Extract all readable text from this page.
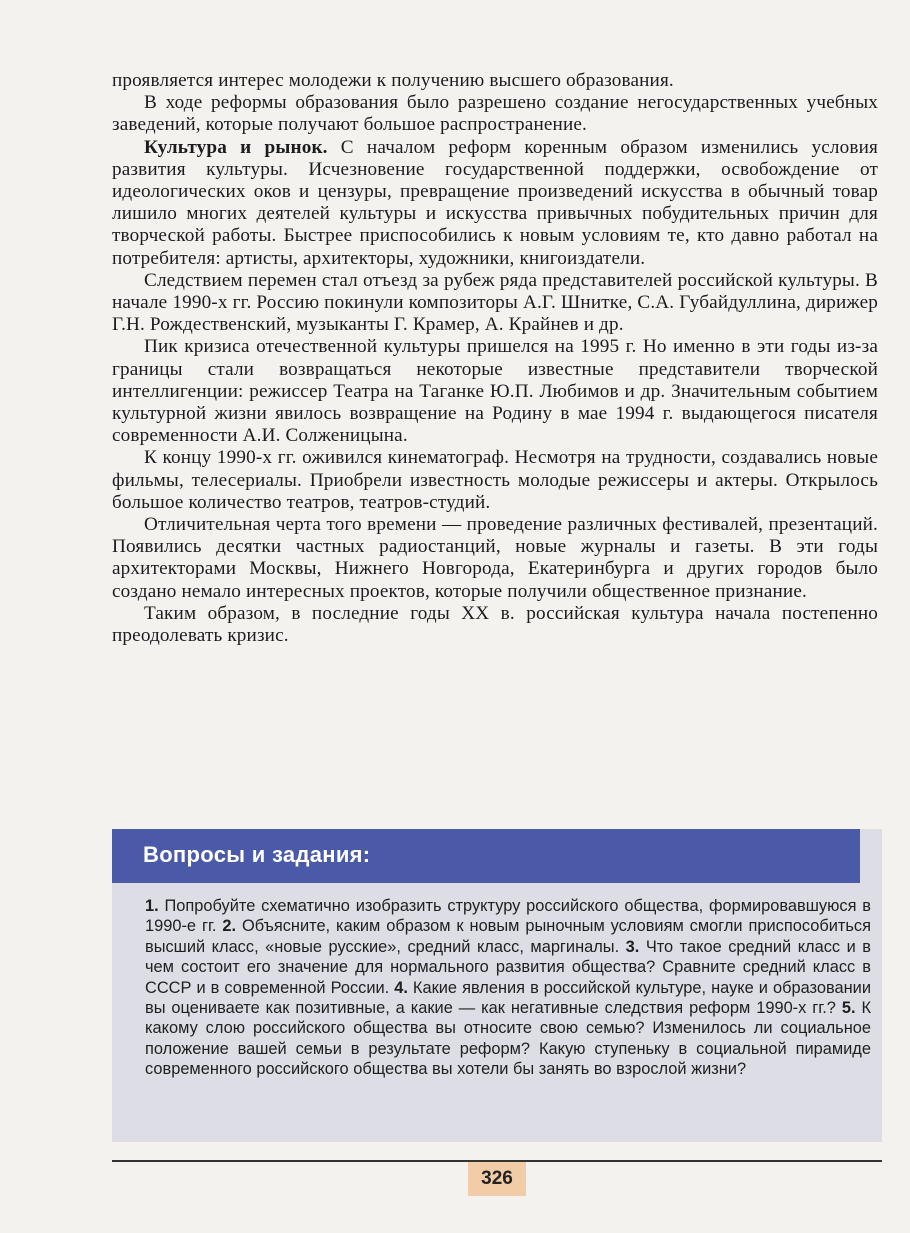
проявляется интерес молодежи к получению высшего образования.

В ходе реформы образования было разрешено создание негосударственных учебных заведений, которые получают большое распространение.

Культура и рынок. С началом реформ коренным образом изменились условия развития культуры. Исчезновение государственной поддержки, освобождение от идеологических оков и цензуры, превращение произведений искусства в обычный товар лишило многих деятелей культуры и искусства привычных побудительных причин для творческой работы. Быстрее приспособились к новым условиям те, кто давно работал на потребителя: артисты, архитекторы, художники, книгоиздатели.

Следствием перемен стал отъезд за рубеж ряда представителей российской культуры. В начале 1990-х гг. Россию покинули композиторы А.Г. Шнитке, С.А. Губайдуллина, дирижер Г.Н. Рождественский, музыканты Г. Крамер, А. Крайнев и др.

Пик кризиса отечественной культуры пришелся на 1995 г. Но именно в эти годы из-за границы стали возвращаться некоторые известные представители творческой интеллигенции: режиссер Театра на Таганке Ю.П. Любимов и др. Значительным событием культурной жизни явилось возвращение на Родину в мае 1994 г. выдающегося писателя современности А.И. Солженицына.

К концу 1990-х гг. оживился кинематограф. Несмотря на трудности, создавались новые фильмы, телесериалы. Приобрели известность молодые режиссеры и актеры. Открылось большое количество театров, театров-студий.

Отличительная черта того времени — проведение различных фестивалей, презентаций. Появились десятки частных радиостанций, новые журналы и газеты. В эти годы архитекторами Москвы, Нижнего Новгорода, Екатеринбурга и других городов было создано немало интересных проектов, которые получили общественное признание.

Таким образом, в последние годы XX в. российская культура начала постепенно преодолевать кризис.

Вопросы и задания:
1. Попробуйте схематично изобразить структуру российского общества, формировавшуюся в 1990-е гг. 2. Объясните, каким образом к новым рыночным условиям смогли приспособиться высший класс, «новые русские», средний класс, маргиналы. 3. Что такое средний класс и в чем состоит его значение для нормального развития общества? Сравните средний класс в СССР и в современной России. 4. Какие явления в российской культуре, науке и образовании вы оцениваете как позитивные, а какие — как негативные следствия реформ 1990-х гг.? 5. К какому слою российского общества вы относите свою семью? Изменилось ли социальное положение вашей семьи в результате реформ? Какую ступеньку в социальной пирамиде современного российского общества вы хотели бы занять во взрослой жизни?
326
